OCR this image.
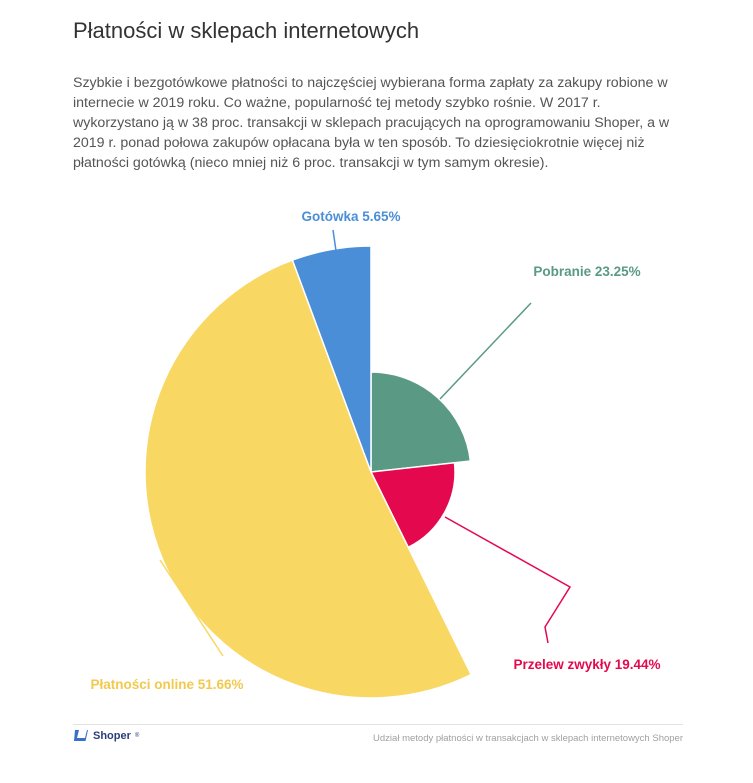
Płatności w sklepach internetowych

Szybkie i bezgotówkowe płatności to najczęściej wybierana forma zapłaty za zakupy robione w internecie w 2019 roku. Co ważne, popularność tej metody szybko rośnie. W 2017 r. wykorzystano ją w 38 proc. transakcji w sklepach pracujących na oprogramowaniu Shoper, a w 2019 r. ponad połowa zakupów opłacana była w ten sposób. To dziesięciokrotnie więcej niż płatności gotówką (nieco mniej niż 6 proc. transakcji w tym samym okresie).

Pobranie 23.25%
Przelew zwykły 19.44%
Płatności online 51.66%
Gotówka 5.65%
Shoper ®	Udział metody płatności w transakcjach w sklepach internetowych Shoper
